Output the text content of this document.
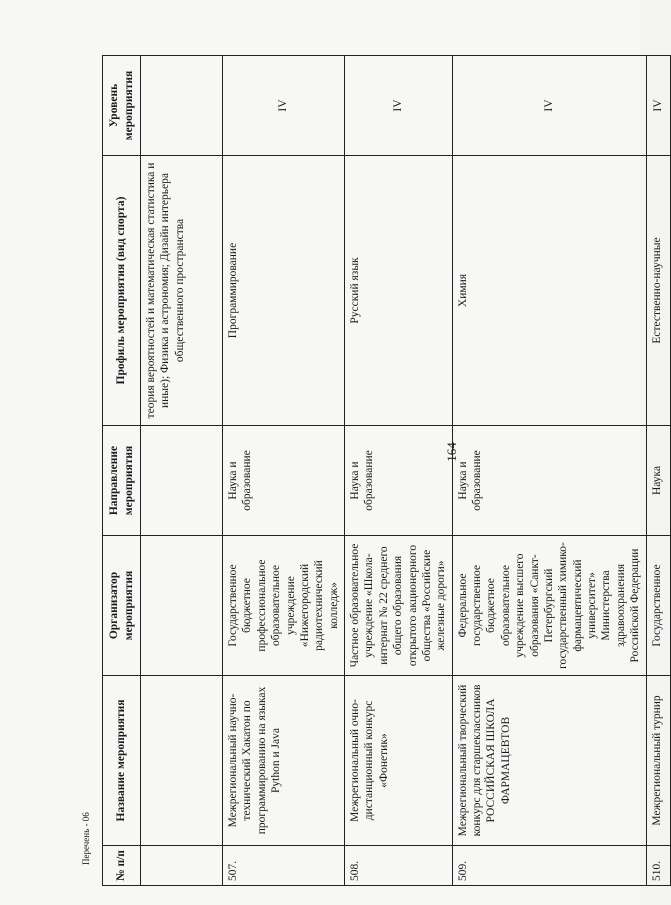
164
№ п/п	Название мероприятия	Организатор мероприятия	Направление мероприятия	Профиль мероприятия (вид спорта)	Уровень мероприятия
				теория вероятностей и математическая статистика и иные); Физика и астрономия; Дизайн интерьера общественного пространства	
507.	Межрегиональный научно-технический Хакатон по программированию на языках Python и Java	Государственное бюджетное профессиональное образовательное учреждение «Нижегородский радиотехнический колледж»	Наука и образование	Программирование	IV
508.	Межрегиональный очно-дистанционный конкурс «Фонетик»	Частное образовательное учреждение «Школа-интернат № 22 среднего общего образования открытого акционерного общества «Российские железные дороги»	Наука и образование	Русский язык	IV
509.	Межрегиональный творческий конкурс для старшеклассников РОССИЙСКАЯ ШКОЛА ФАРМАЦЕВТОВ	Федеральное государственное бюджетное образовательное учреждение высшего образования «Санкт-Петербургский государственный химико-фармацевтический университет» Министерства здравоохранения Российской Федерации	Наука и образование	Химия	IV
510.	Межрегиональный турнир	Государственное	Наука	Естественно-научные	IV
Перечень - 06
